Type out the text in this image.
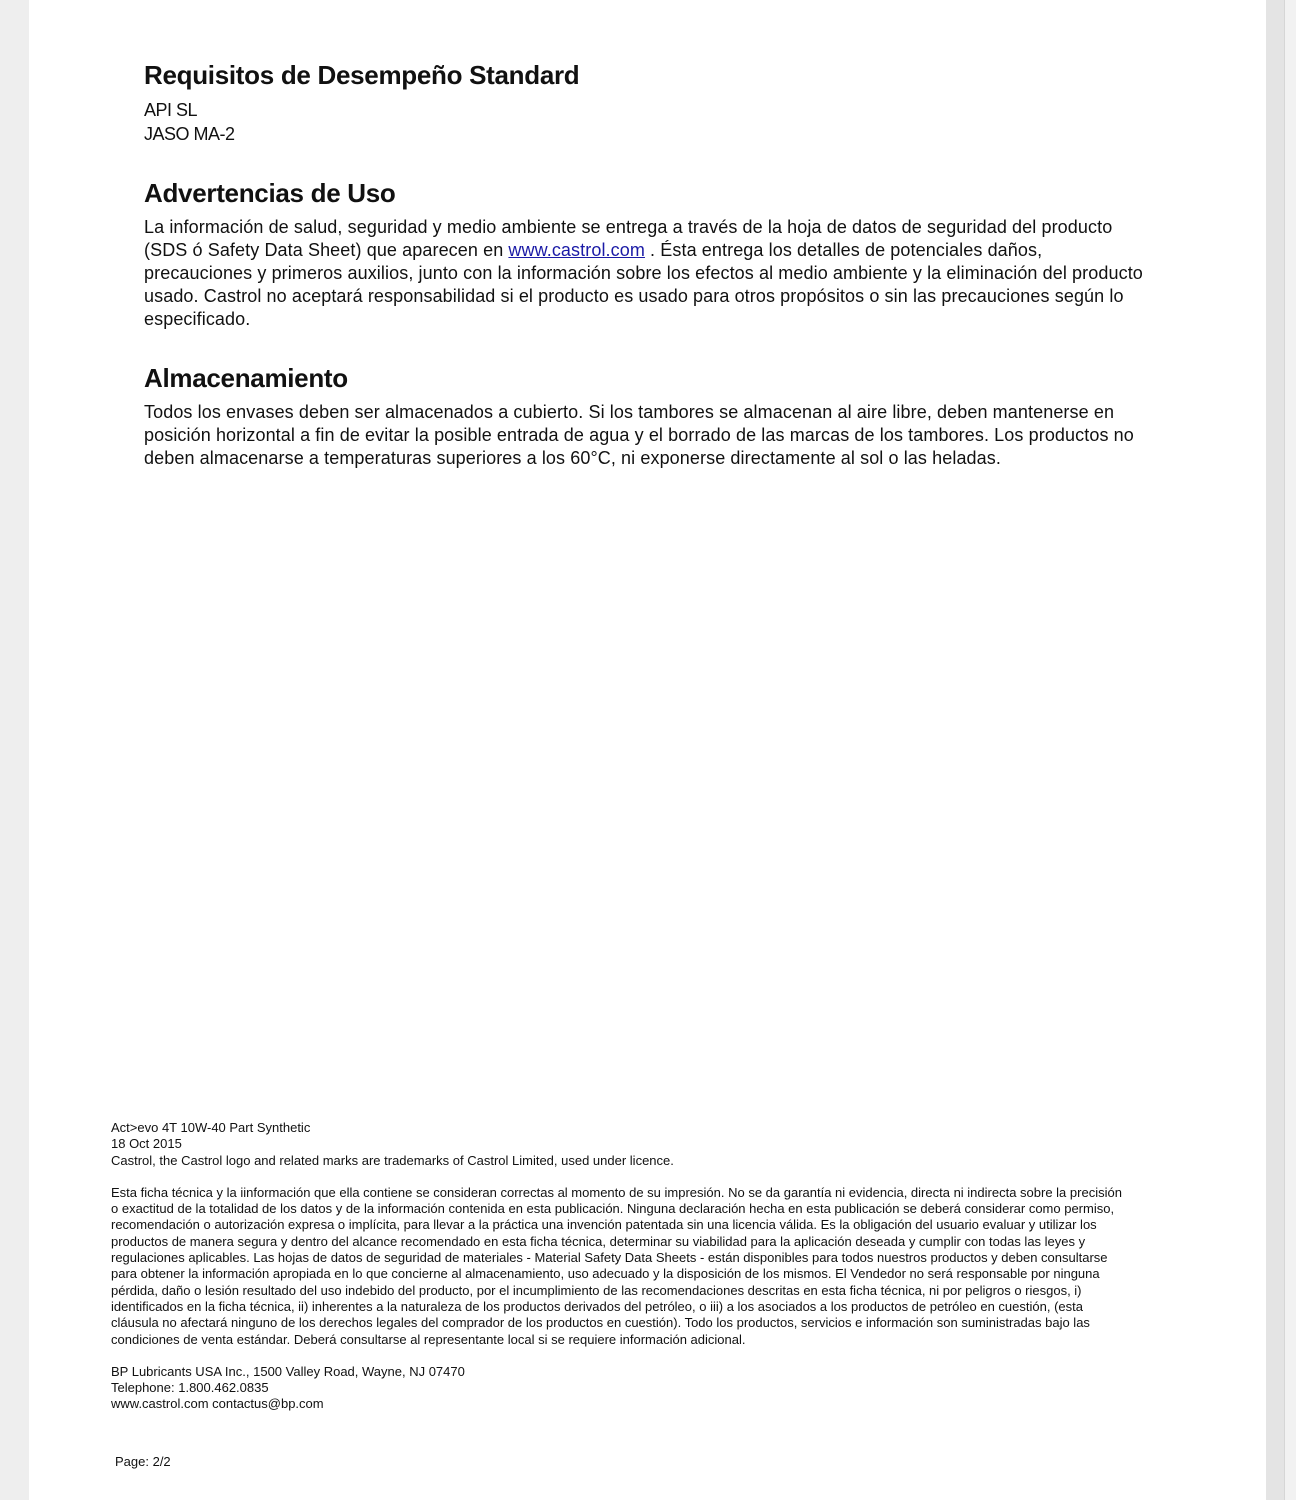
Requisitos de Desempeño Standard
API SL
JASO MA-2
Advertencias de Uso

La información de salud, seguridad y medio ambiente se entrega a través de la hoja de datos de seguridad del producto (SDS ó Safety Data Sheet) que aparecen en www.castrol.com . Ésta entrega los detalles de potenciales daños, precauciones y primeros auxilios, junto con la información sobre los efectos al medio ambiente y la eliminación del producto usado. Castrol no aceptará responsabilidad si el producto es usado para otros propósitos o sin las precauciones según lo especificado.

Almacenamiento

Todos los envases deben ser almacenados a cubierto. Si los tambores se almacenan al aire libre, deben mantenerse en posición horizontal a fin de evitar la posible entrada de agua y el borrado de las marcas de los tambores. Los productos no deben almacenarse a temperaturas superiores a los 60°C, ni exponerse directamente al sol o las heladas.

Act>evo 4T 10W-40 Part Synthetic

18 Oct 2015

Castrol, the Castrol logo and related marks are trademarks of Castrol Limited, used under licence.

Esta ficha técnica y la iinformación que ella contiene se consideran correctas al momento de su impresión. No se da garantía ni evidencia, directa ni indirecta sobre la precisión o exactitud de la totalidad de los datos y de la información contenida en esta publicación. Ninguna declaración hecha en esta publicación se deberá considerar como permiso, recomendación o autorización expresa o implícita, para llevar a la práctica una invención patentada sin una licencia válida. Es la obligación del usuario evaluar y utilizar los productos de manera segura y dentro del alcance recomendado en esta ficha técnica, determinar su viabilidad para la aplicación deseada y cumplir con todas las leyes y regulaciones aplicables. Las hojas de datos de seguridad de materiales - Material Safety Data Sheets - están disponibles para todos nuestros productos y deben consultarse para obtener la información apropiada en lo que concierne al almacenamiento, uso adecuado y la disposición de los mismos. El Vendedor no será responsable por ninguna pérdida, daño o lesión resultado del uso indebido del producto, por el incumplimiento de las recomendaciones descritas en esta ficha técnica, ni por peligros o riesgos, i) identificados en la ficha técnica, ii) inherentes a la naturaleza de los productos derivados del petróleo, o iii) a los asociados a los productos de petróleo en cuestión, (esta cláusula no afectará ninguno de los derechos legales del comprador de los productos en cuestión). Todo los productos, servicios e información son suministradas bajo las condiciones de venta estándar. Deberá consultarse al representante local si se requiere información adicional.

BP Lubricants USA Inc., 1500 Valley Road, Wayne, NJ 07470

Telephone: 1.800.462.0835

www.castrol.com contactus@bp.com

Page: 2/2
